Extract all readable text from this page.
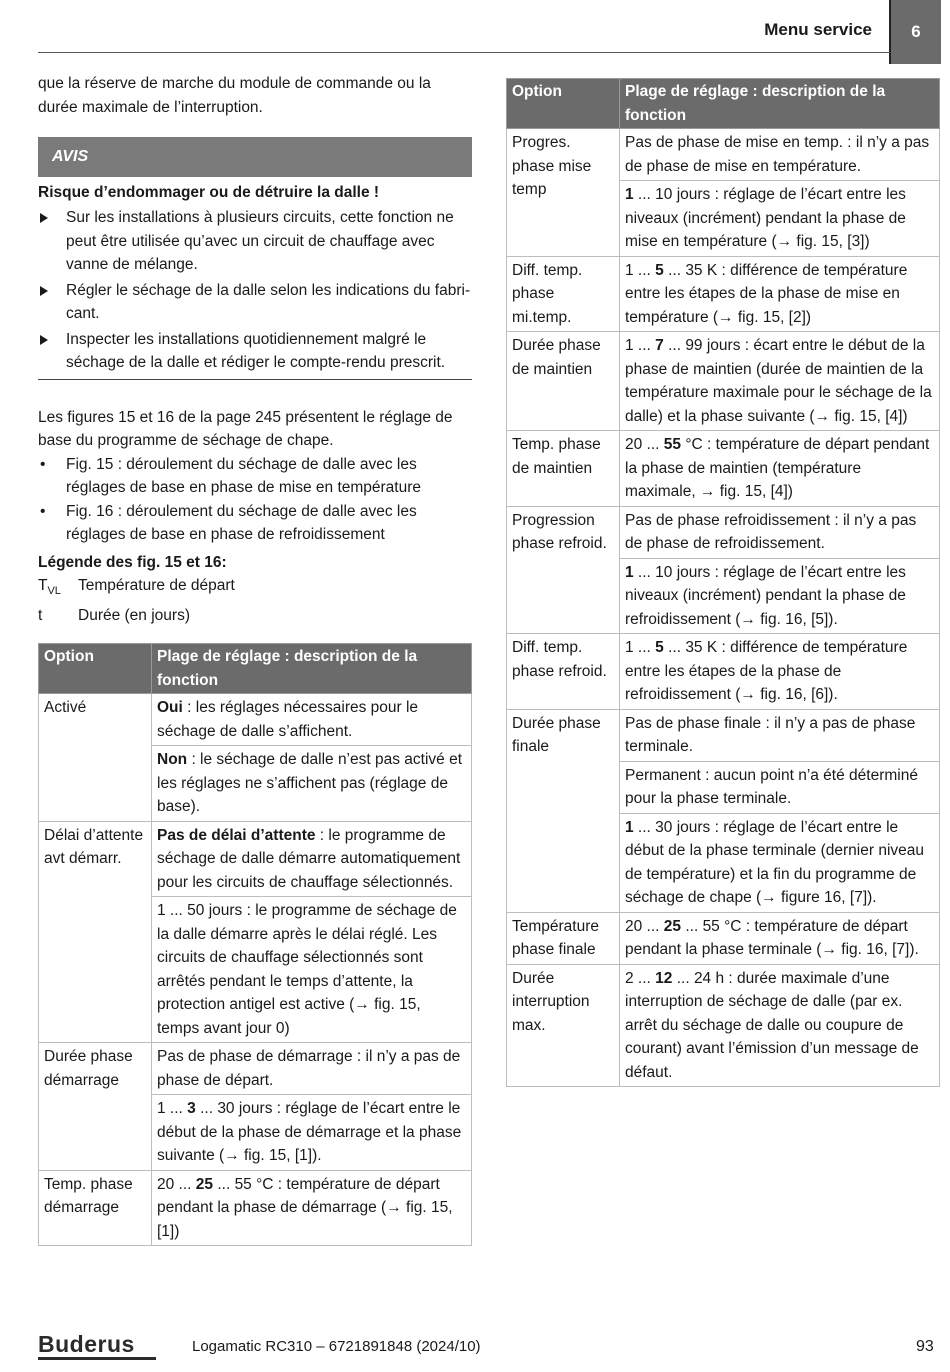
Menu service	6

que la réserve de marche du module de commande ou la durée maximale de l’interruption.

AVIS

Risque d’endommager ou de détruire la dalle !

Sur les installations à plusieurs circuits, cette fonction ne peut être utilisée qu’avec un circuit de chauffage avec vanne de mélange.
Régler le séchage de la dalle selon les indications du fabri-cant.
Inspecter les installations quotidiennement malgré le séchage de la dalle et rédiger le compte-rendu prescrit.

Les figures 15 et 16 de la page 245 présentent le réglage de base du programme de séchage de chape.

• Fig. 15 : déroulement du séchage de dalle avec les réglages de base en phase de mise en température
• Fig. 16 : déroulement du séchage de dalle avec les réglages de base en phase de refroidissement

Légende des fig. 15 et 16:

$T_{VL}$	Température de départ
t	Durée (en jours)
Option	Plage de réglage : description de la fonction
Activé	Oui : les réglages nécessaires pour le séchage de dalle s’affichent.
	Non : le séchage de dalle n’est pas activé et les réglages ne s’affichent pas (réglage de base).
Délai d’attente avt démarr.	Pas de délai d’attente : le programme de séchage de dalle démarre automatiquement pour les circuits de chauffage sélectionnés.
	1 ... 50 jours : le programme de séchage de la dalle démarre après le délai réglé. Les circuits de chauffage sélectionnés sont arrêtés pendant le temps d’attente, la protection antigel est active (→ fig. 15, temps avant jour 0)
Durée phase démarrage	Pas de phase de démarrage : il n’y a pas de phase de départ.
	1 ... 3 ... 30 jours : réglage de l’écart entre le début de la phase de démarrage et la phase suivante (→ fig. 15, [1]).
Temp. phase démarrage	20 ... 25 ... 55 °C : température de départ pendant la phase de démarrage (→ fig. 15, [1])
Option	Plage de réglage : description de la fonction
Progres. phase mise temp	Pas de phase de mise en temp. : il n’y a pas de phase de mise en température.
	1 ... 10 jours : réglage de l’écart entre les niveaux (incrément) pendant la phase de mise en température (→ fig. 15, [3])
Diff. temp. phase mi.temp.	1 ... 5 ... 35 K : différence de température entre les étapes de la phase de mise en température (→ fig. 15, [2])
Durée phase de maintien	1 ... 7 ... 99 jours : écart entre le début de la phase de maintien (durée de maintien de la température maximale pour le séchage de la dalle) et la phase suivante (→ fig. 15, [4])
Temp. phase de maintien	20 ... 55 °C : température de départ pendant la phase de maintien (température maximale, → fig. 15, [4])
Progression phase refroid.	Pas de phase refroidissement : il n’y a pas de phase de refroidissement.
	1 ... 10 jours : réglage de l’écart entre les niveaux (incrément) pendant la phase de refroidissement (→ fig. 16, [5]).
Diff. temp. phase refroid.	1 ... 5 ... 35 K : différence de température entre les étapes de la phase de refroidissement (→ fig. 16, [6]).
Durée phase finale	Pas de phase finale : il n’y a pas de phase terminale.
	Permanent : aucun point n’a été déterminé pour la phase terminale.
	1 ... 30 jours : réglage de l’écart entre le début de la phase terminale (dernier niveau de température) et la fin du programme de séchage de chape (→ figure 16, [7]).
Température phase finale	20 ... 25 ... 55 °C : température de départ pendant la phase terminale (→ fig. 16, [7]).
Durée interruption max.	2 ... 12 ... 24 h : durée maximale d’une interruption de séchage de dalle (par ex. arrêt du séchage de dalle ou coupure de courant) avant l’émission d’un message de défaut.
Buderus	Logamatic RC310 – 6721891848 (2024/10)	93
